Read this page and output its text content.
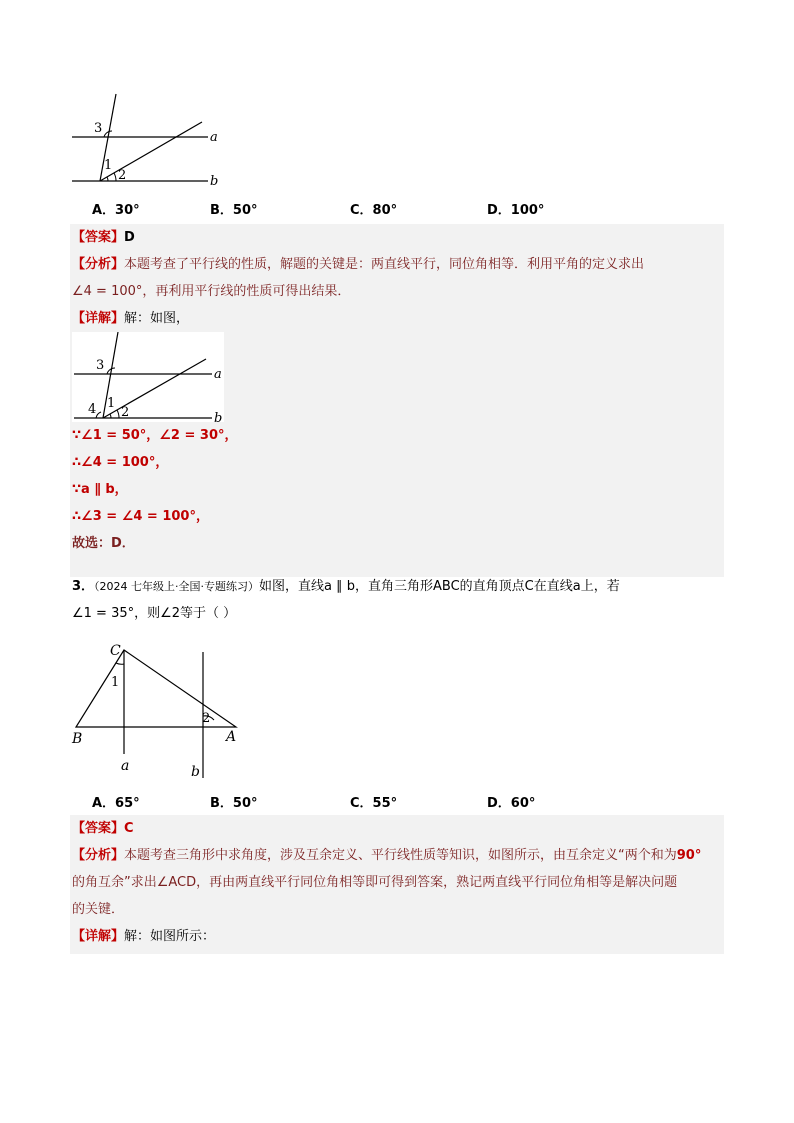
3
1
2
a
b
A．30°	B．50°	C．80°	D．100°
【答案】D
【分析】本题考查了平行线的性质，解题的关键是：两直线平行，同位角相等．利用平角的定义求出
∠4 = 100°，再利用平行线的性质可得出结果．
【详解】解：如图，
3
4 1
2
a
b
∵∠1 = 50°，∠2 = 30°，
∴∠4 = 100°，
∵a ∥ b，
∴∠3 = ∠4 = 100°，
故选：D．
3．（2024 七年级上·全国·专题练习）如图，直线a ∥ b，直角三角形ABC的直角顶点C在直线a上，若
∠1 = 35°，则∠2等于（ ）
C
1
2
B	A
a	b
A．65°	B．50°	C．55°	D．60°
【答案】C
【分析】本题考查三角形中求角度，涉及互余定义、平行线性质等知识，如图所示，由互余定义“两个和为90°
的角互余”求出∠ACD，再由两直线平行同位角相等即可得到答案，熟记两直线平行同位角相等是解决问题
的关键．
【详解】解：如图所示：
